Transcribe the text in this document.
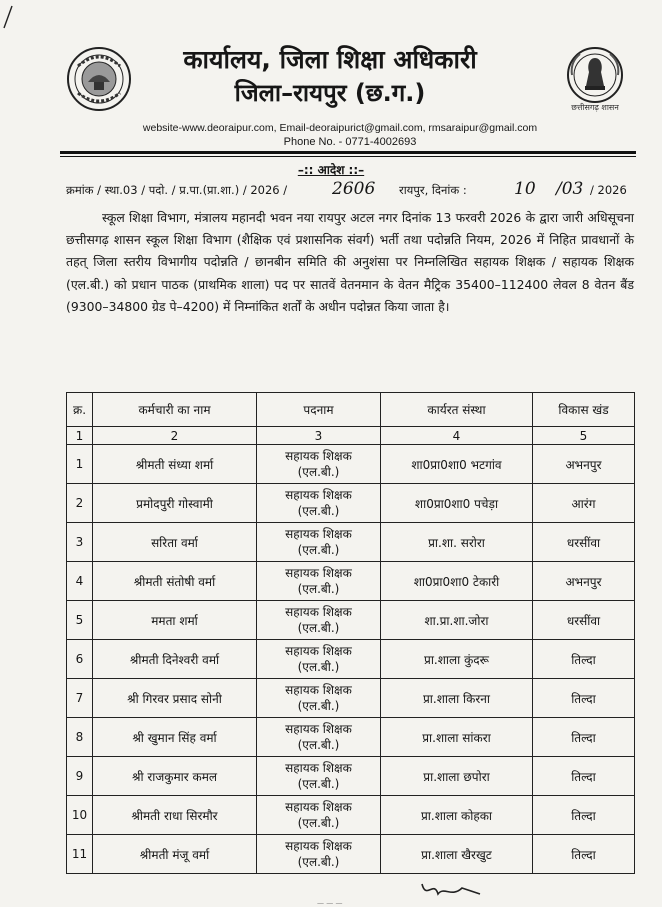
छत्तीसगढ़ शासन
कार्यालय, जिला शिक्षा अधिकारी
जिला–रायपुर (छ.ग.)
website-www.deoraipur.com, Email-deoraipurict@gmail.com, rmsaraipur@gmail.com
Phone No. - 0771-4002693
–:: आदेश ::–
क्रमांक / स्था.03 / पदो. / प्र.पा.(प्रा.शा.) / 2026 /	2606 रायपुर, दिनांक :	10 /03 / 2026
स्कूल शिक्षा विभाग, मंत्रालय महानदी भवन नया रायपुर अटल नगर दिनांक 13 फरवरी 2026 के द्वारा जारी अधिसूचना छत्तीसगढ़ शासन स्कूल शिक्षा विभाग (शैक्षिक एवं प्रशासनिक संवर्ग) भर्ती तथा पदोन्नति नियम, 2026 में निहित प्रावधानों के तहत् जिला स्तरीय विभागीय पदोन्नति / छानबीन समिति की अनुशंसा पर निम्नलिखित सहायक शिक्षक / सहायक शिक्षक (एल.बी.) को प्रधान पाठक (प्राथमिक शाला) पद पर सातवें वेतनमान के वेतन मैट्रिक 35400–112400 लेवल 8 वेतन बैंड (9300–34800 ग्रेड पे–4200) में निम्नांकित शर्तों के अधीन पदोन्नत किया जाता है।
क्र.	कर्मचारी का नाम	पदनाम	कार्यरत संस्था	विकास खंड
1	2	3	4	5
1	श्रीमती संध्या शर्मा	सहायक शिक्षक
(एल.बी.)	शा0प्रा0शा0 भटगांव	अभनपुर
2	प्रमोदपुरी गोस्वामी	सहायक शिक्षक
(एल.बी.)	शा0प्रा0शा0 पचेड़ा	आरंग
3	सरिता वर्मा	सहायक शिक्षक
(एल.बी.)	प्रा.शा. सरोरा	धरसींवा
4	श्रीमती संतोषी वर्मा	सहायक शिक्षक
(एल.बी.)	शा0प्रा0शा0 टेकारी	अभनपुर
5	ममता शर्मा	सहायक शिक्षक
(एल.बी.)	शा.प्रा.शा.जोरा	धरसींवा
6	श्रीमती दिनेश्वरी वर्मा	सहायक शिक्षक
(एल.बी.)	प्रा.शाला कुंदरू	तिल्दा
7	श्री गिरवर प्रसाद सोनी	सहायक शिक्षक
(एल.बी.)	प्रा.शाला किरना	तिल्दा
8	श्री खुमान सिंह वर्मा	सहायक शिक्षक
(एल.बी.)	प्रा.शाला सांकरा	तिल्दा
9	श्री राजकुमार कमल	सहायक शिक्षक
(एल.बी.)	प्रा.शाला छपोरा	तिल्दा
10	श्रीमती राधा सिरमौर	सहायक शिक्षक
(एल.बी.)	प्रा.शाला कोहका	तिल्दा
11	श्रीमती मंजू वर्मा	सहायक शिक्षक
(एल.बी.)	प्रा.शाला खैरखुट	तिल्दा
— — —
